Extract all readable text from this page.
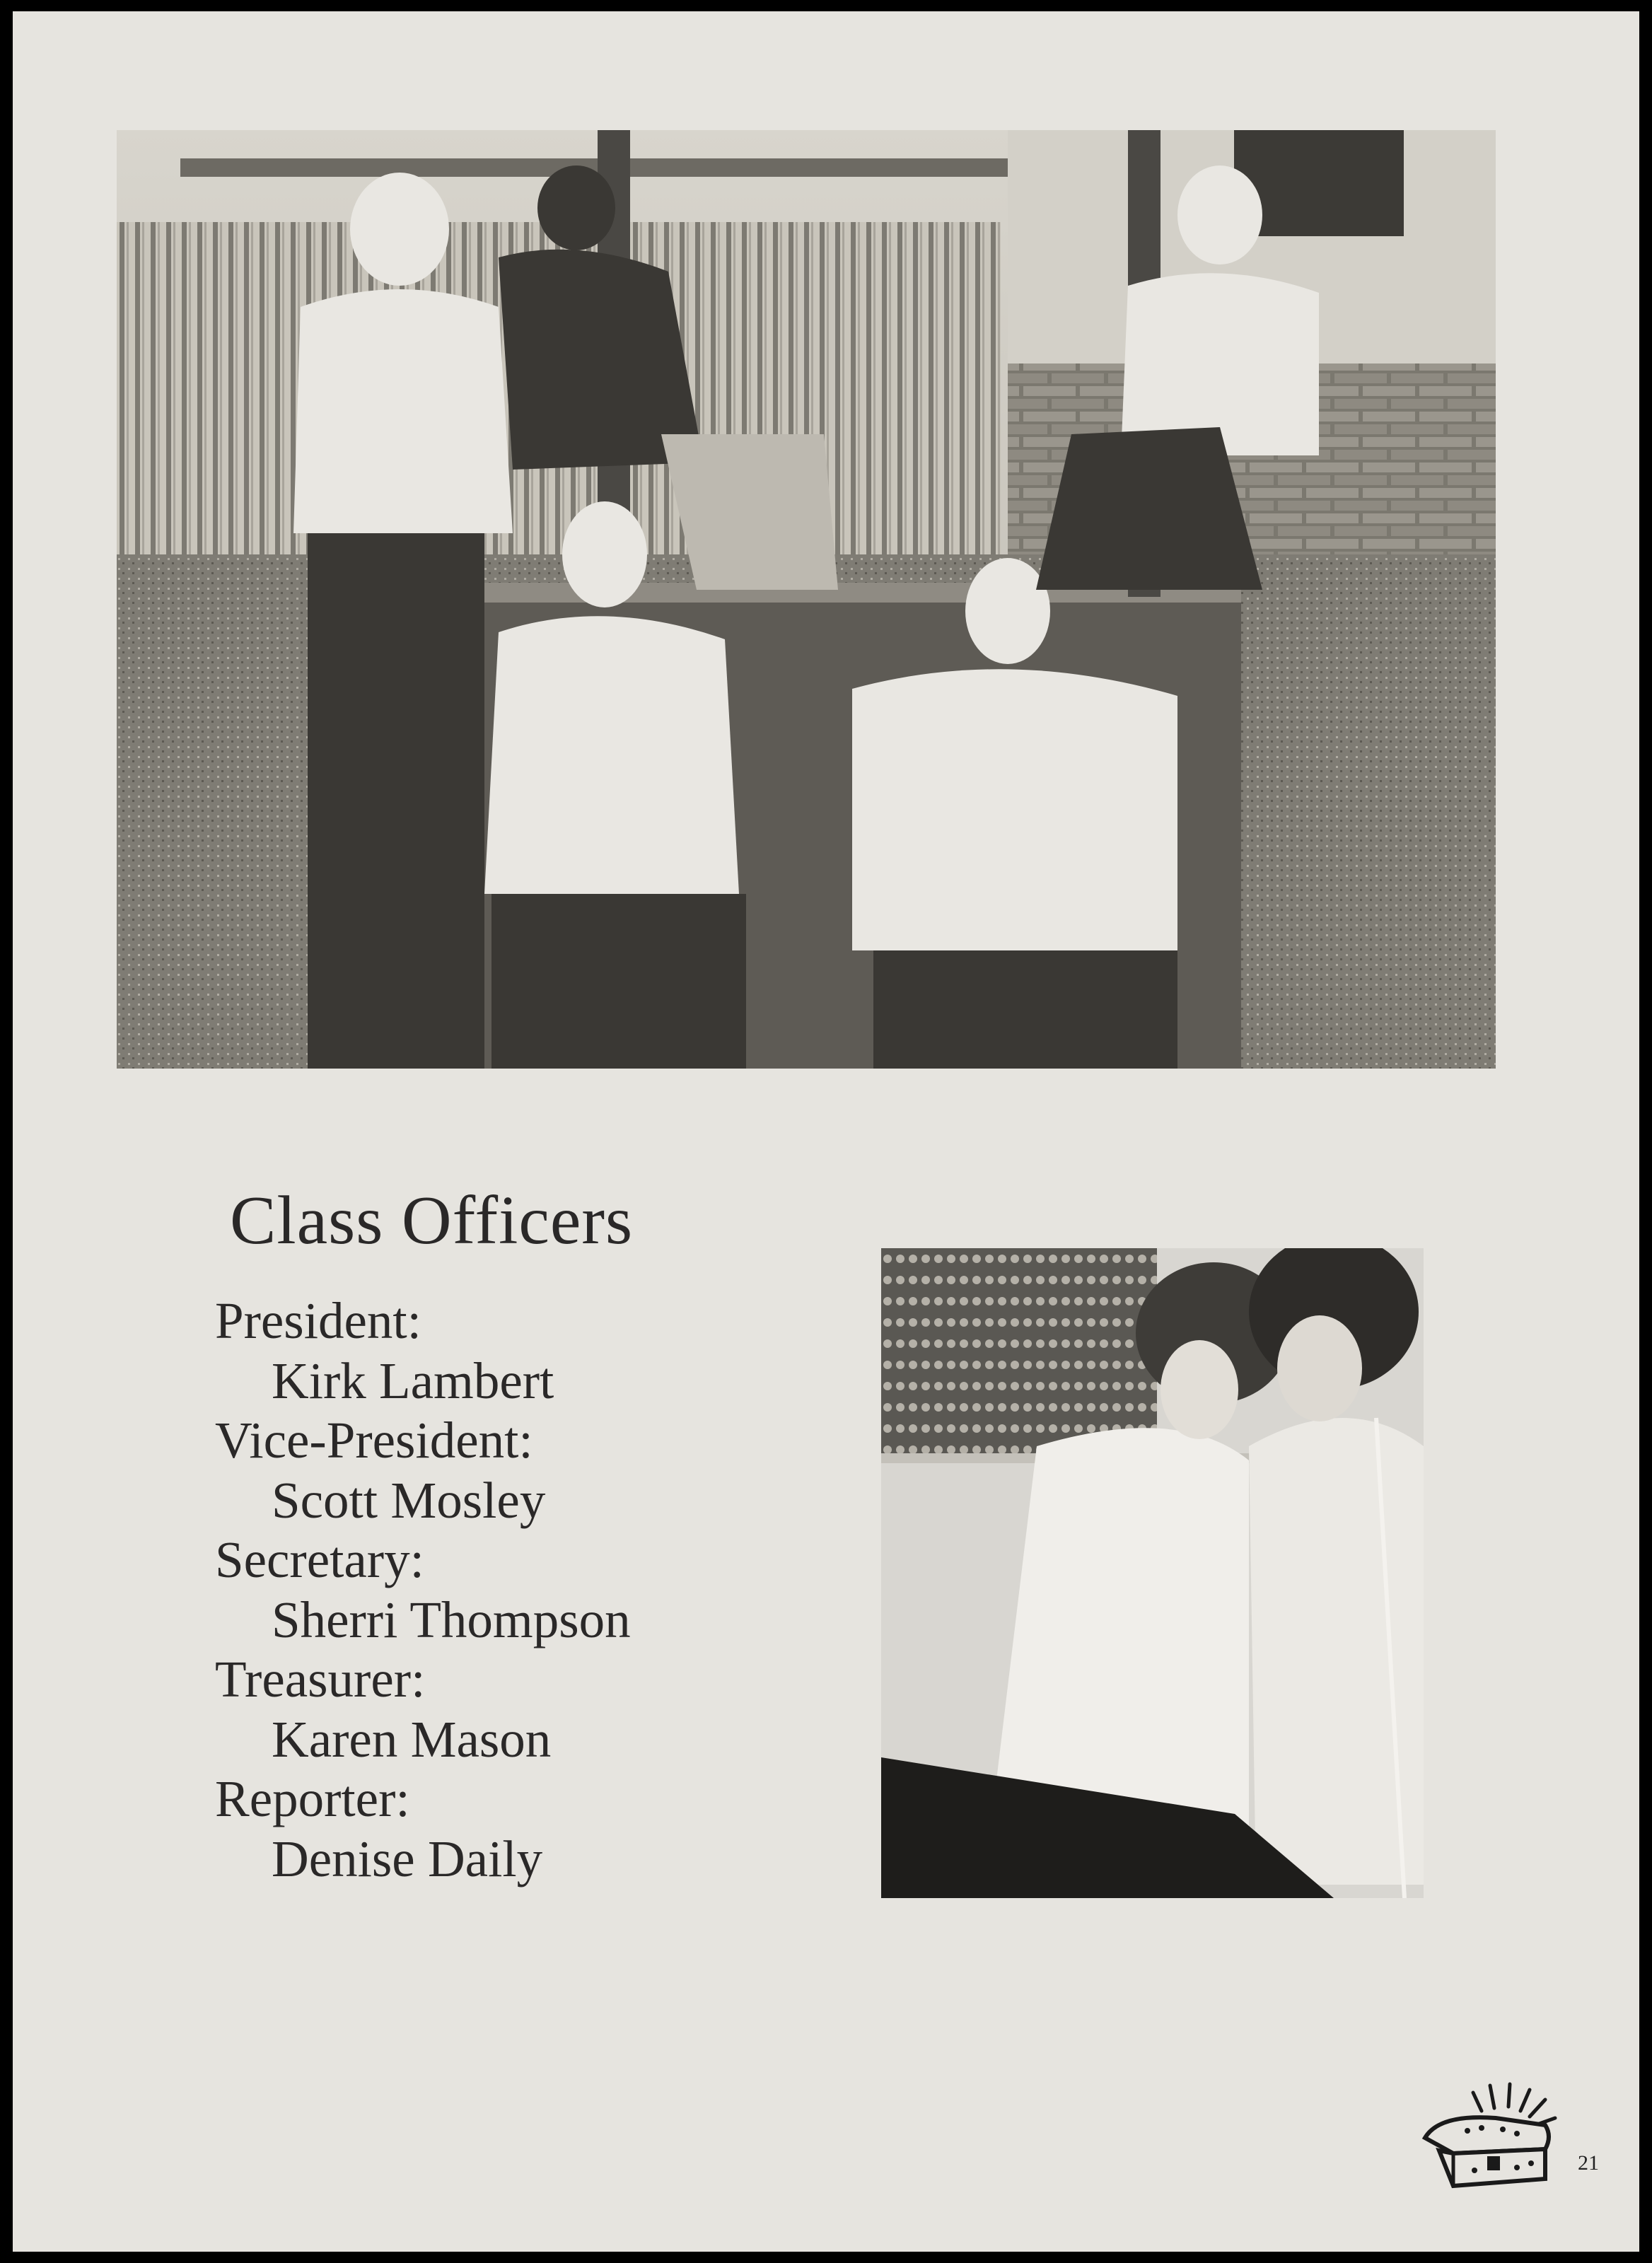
Class Officers
President:
Kirk Lambert
Vice-President:
Scott Mosley
Secretary:
Sherri Thompson
Treasurer:
Karen Mason
Reporter:
Denise Daily
21
